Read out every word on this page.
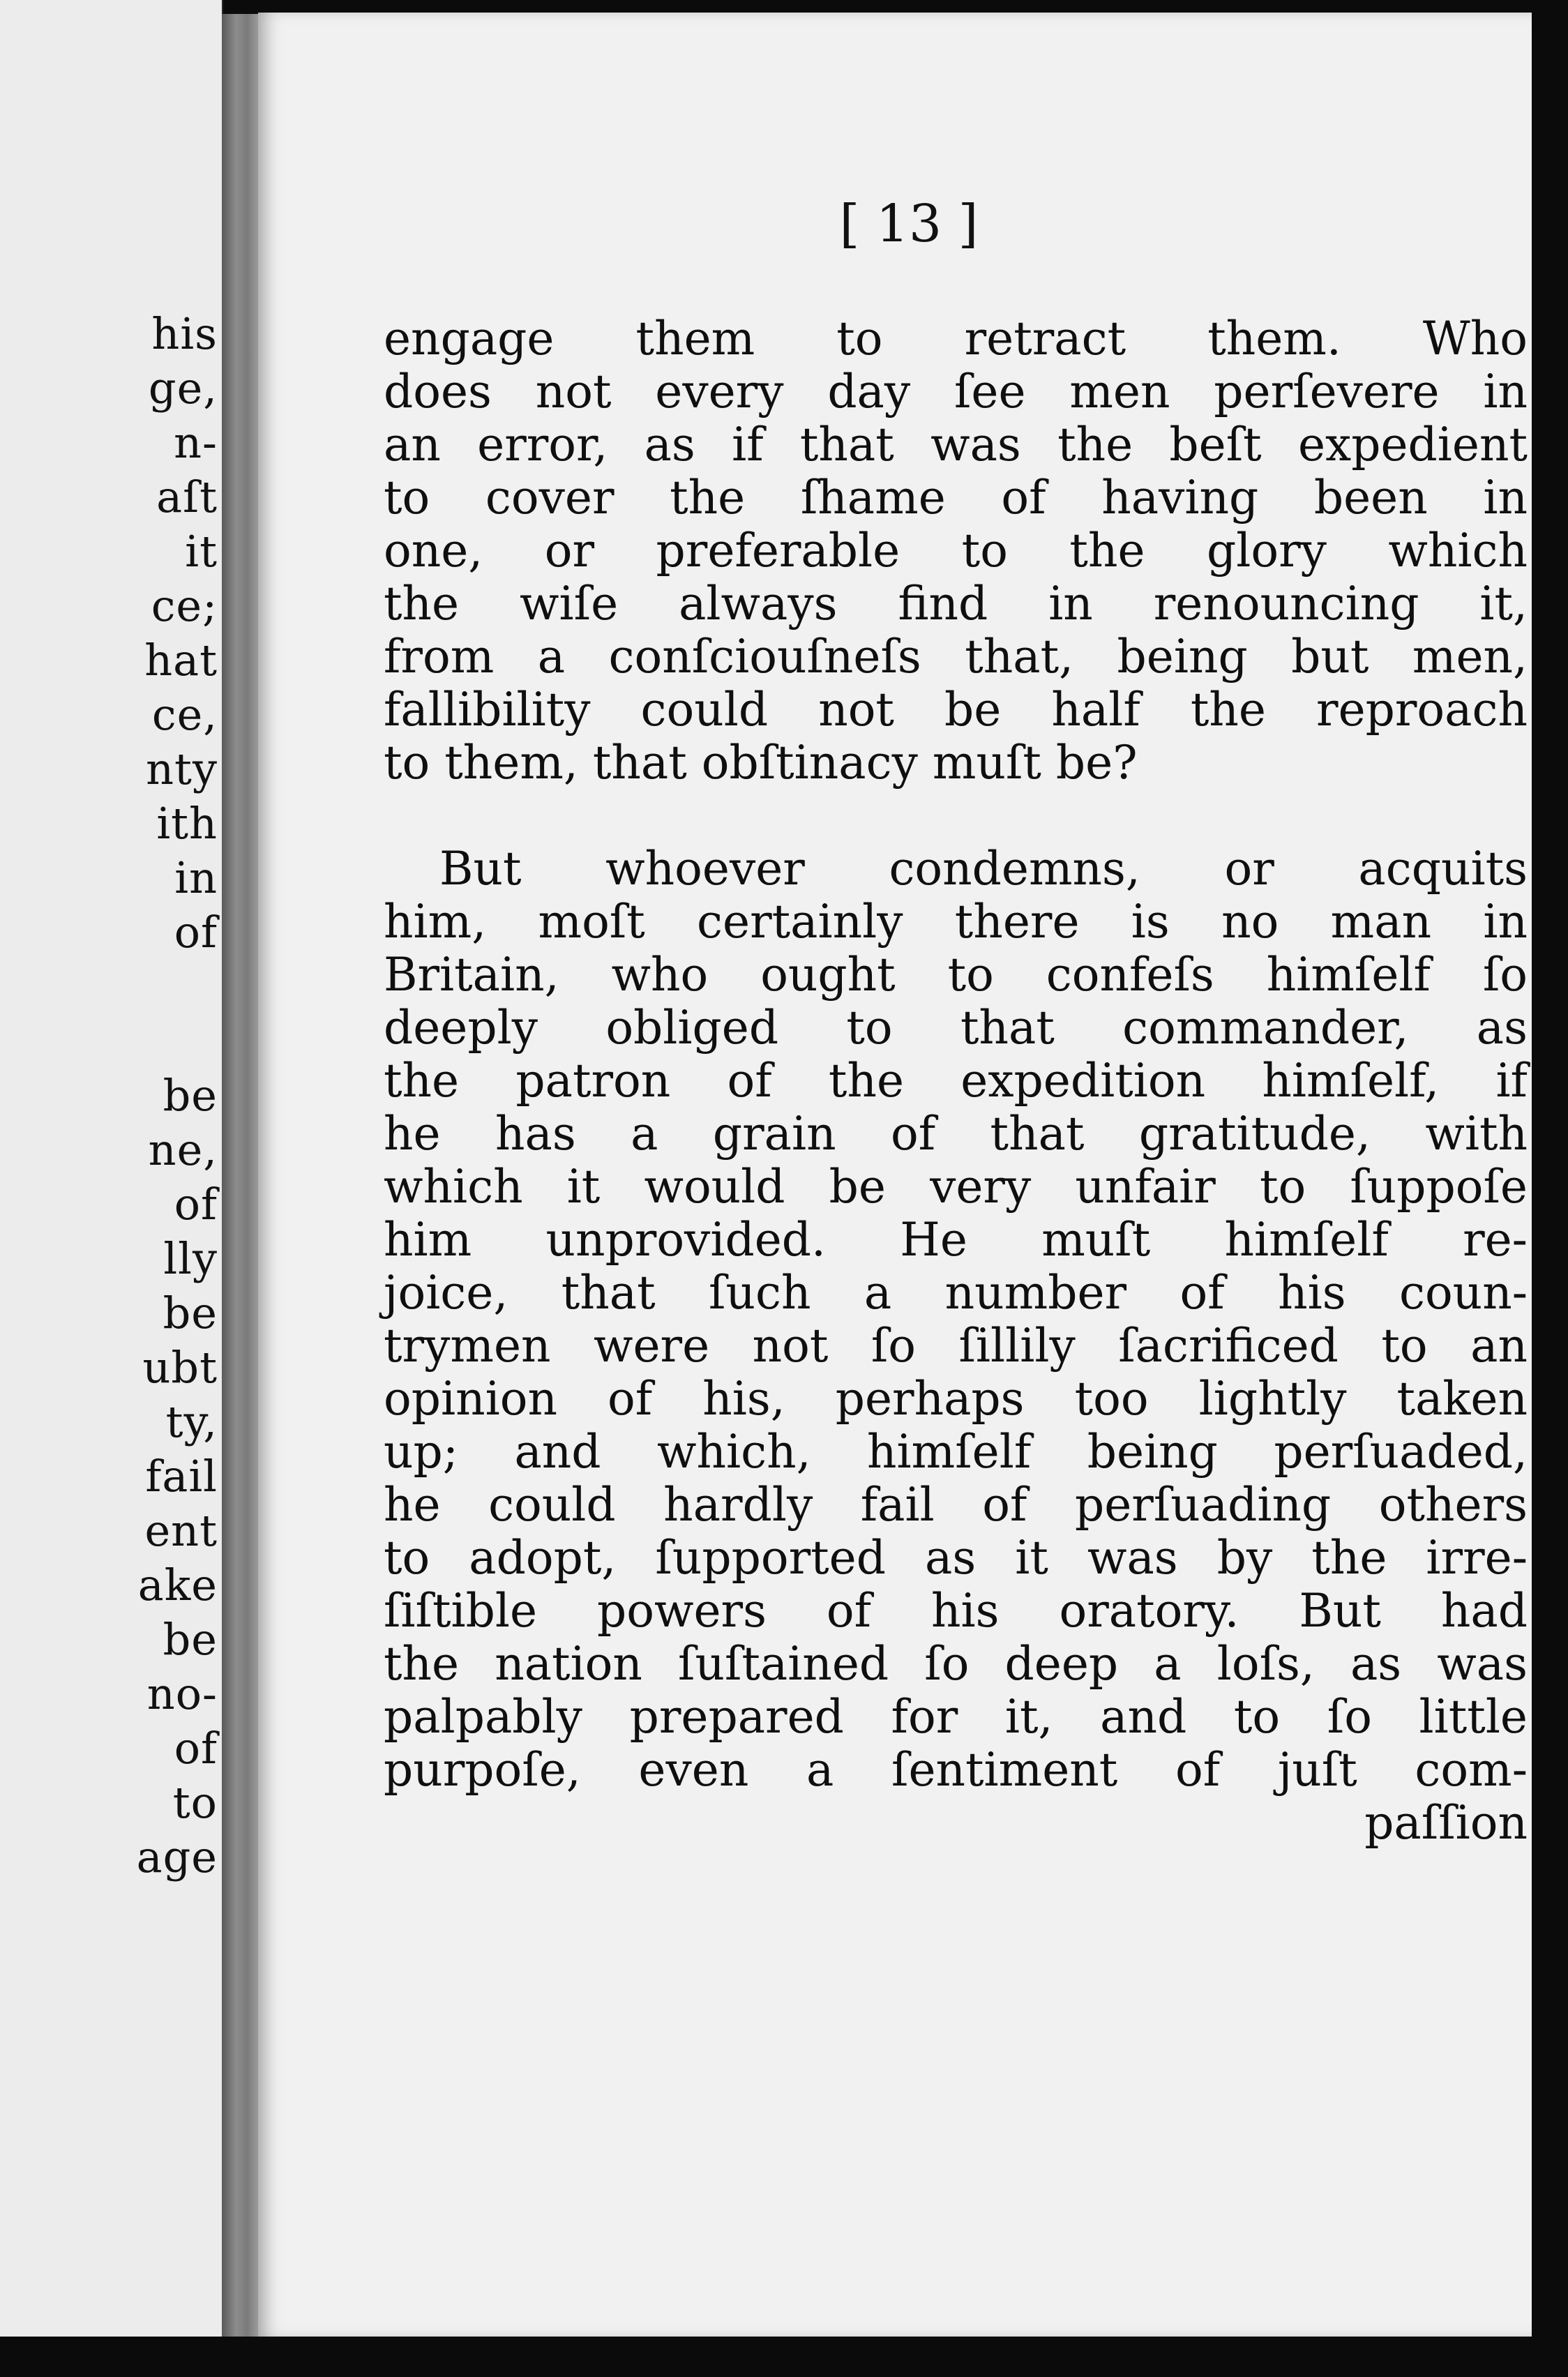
his
ge,
n-
aſt
it
ce;
hat
ce,
nty
ith
in
of
be
ne,
of
lly
be
ubt
ty,
fail
ent
ake
be
no-
of
to
age
[ 13 ]
engage them to retract them. Who
does not every day ſee men perſevere in
an error, as if that was the beſt expedient
to cover the ſhame of having been in
one, or preferable to the glory which
the wiſe always find in renouncing it,
from a conſciouſneſs that, being but men,
fallibility could not be half the reproach
to them, that obſtinacy muſt be?
But whoever condemns, or acquits
him, moſt certainly there is no man in
Britain, who ought to confeſs himſelf ſo
deeply obliged to that commander, as
the patron of the expedition himſelf, if
he has a grain of that gratitude, with
which it would be very unfair to ſuppoſe
him unprovided. He muſt himſelf re-
joice, that ſuch a number of his coun-
trymen were not ſo ſillily ſacrificed to an
opinion of his, perhaps too lightly taken
up; and which, himſelf being perſuaded,
he could hardly fail of perſuading others
to adopt, ſupported as it was by the irre-
ſiſtible powers of his oratory. But had
the nation ſuſtained ſo deep a loſs, as was
palpably prepared for it, and to ſo little
purpoſe, even a ſentiment of juſt com-
paſſion
